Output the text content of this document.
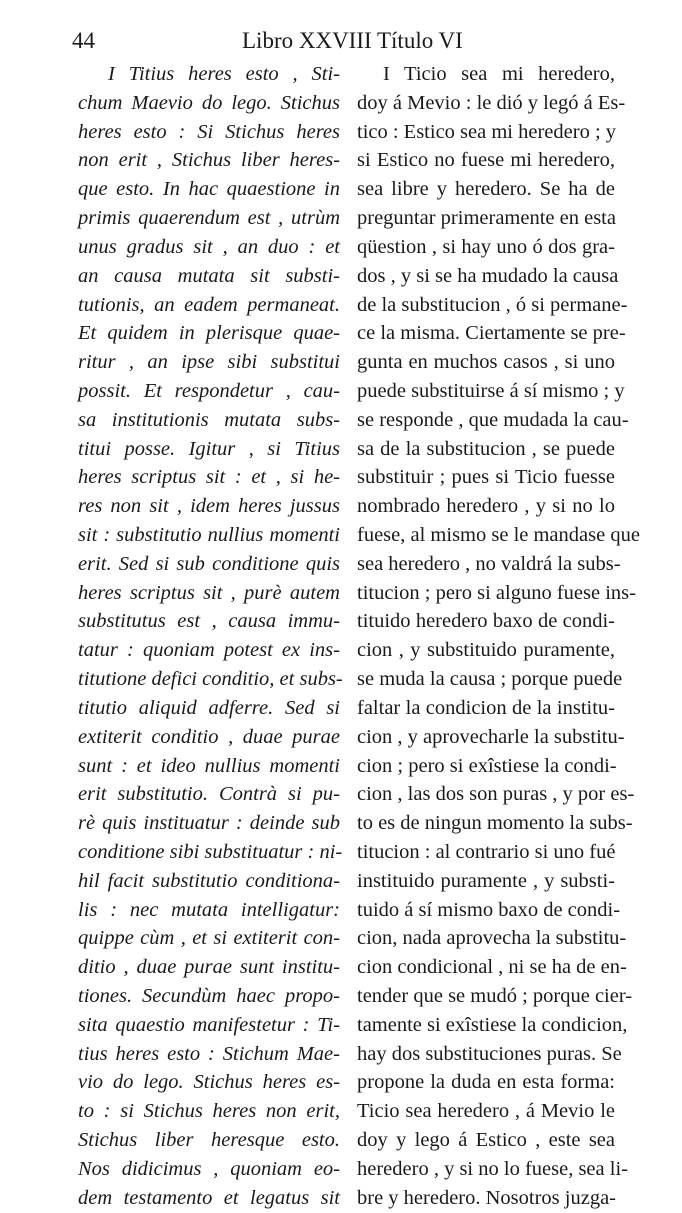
44	Libro XXVIII Título VI
I Titius heres esto , Sti-
chum Maevio do lego. Stichus
heres esto : Si Stichus heres
non erit , Stichus liber heres-
que esto. In hac quaestione in
primis quaerendum est , utrùm
unus gradus sit , an duo : et
an causa mutata sit substi-
tutionis, an eadem permaneat.
Et quidem in plerisque quae-
ritur , an ipse sibi substitui
possit. Et respondetur , cau-
sa institutionis mutata subs-
titui posse. Igitur , si Titius
heres scriptus sit : et , si he-
res non sit , idem heres jussus
sit : substitutio nullius momenti
erit. Sed si sub conditione quis
heres scriptus sit , purè autem
substitutus est , causa immu-
tatur : quoniam potest ex ins-
titutione defici conditio, et subs-
titutio aliquid adferre. Sed si
extiterit conditio , duae purae
sunt : et ideo nullius momenti
erit substitutio. Contrà si pu-
rè quis instituatur : deinde sub
conditione sibi substituatur : ni-
hil facit substitutio conditiona-
lis : nec mutata intelligatur:
quippe cùm , et si extiterit con-
ditio , duae purae sunt institu-
tiones. Secundùm haec propo-
sita quaestio manifestetur : Ti-
tius heres esto : Stichum Mae-
vio do lego. Stichus heres es-
to : si Stichus heres non erit,
Stichus liber heresque esto.
Nos didicimus , quoniam eo-
dem testamento et legatus sit
I Ticio sea mi heredero,
doy á Mevio : le dió y legó á Es-
tico : Estico sea mi heredero ; y
si Estico no fuese mi heredero,
sea libre y heredero. Se ha de
preguntar primeramente en esta
qüestion , si hay uno ó dos gra-
dos , y si se ha mudado la causa
de la substitucion , ó si permane-
ce la misma. Ciertamente se pre-
gunta en muchos casos , si uno
puede substituirse á sí mismo ; y
se responde , que mudada la cau-
sa de la substitucion , se puede
substituir ; pues si Ticio fuesse
nombrado heredero , y si no lo
fuese, al mismo se le mandase que
sea heredero , no valdrá la subs-
titucion ; pero si alguno fuese ins-
tituido heredero baxo de condi-
cion , y substituido puramente,
se muda la causa ; porque puede
faltar la condicion de la institu-
cion , y aprovecharle la substitu-
cion ; pero si exîstiese la condi-
cion , las dos son puras , y por es-
to es de ningun momento la subs-
titucion : al contrario si uno fué
instituido puramente , y substi-
tuido á sí mismo baxo de condi-
cion, nada aprovecha la substitu-
cion condicional , ni se ha de en-
tender que se mudó ; porque cier-
tamente si exîstiese la condicion,
hay dos substituciones puras. Se
propone la duda en esta forma:
Ticio sea heredero , á Mevio le
doy y lego á Estico , este sea
heredero , y si no lo fuese, sea li-
bre y heredero. Nosotros juzga-
